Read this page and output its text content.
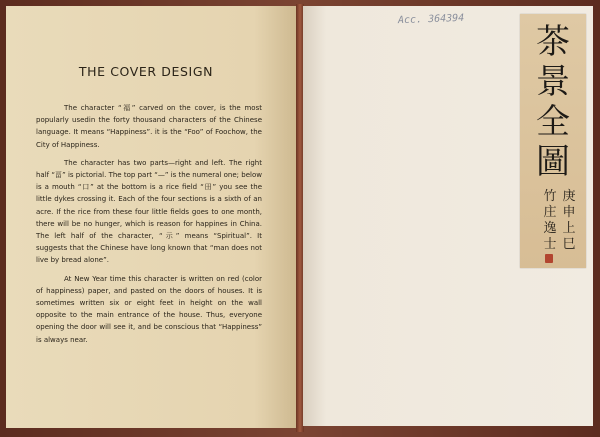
THE COVER DESIGN

The character “福” carved on the cover, is the most popularly usedin the forty thousand characters of the Chinese language. It means “Happiness”. it is the “Foo” of Foochow, the City of Happiness.

The character has two parts—right and left. The right half “畐” is pictorial. The top part “—” is the numeral one; below is a mouth “口” at the bottom is a rice field “田” you see the little dykes crossing it. Each of the four sections is a sixth of an acre. If the rice from these four little fields goes to one month, there will be no hunger, which is reason for happines in China. The left half of the character, “示” means “Spiritual”. It suggests that the Chinese have long known that “man does not live by bread alone”.

At New Year time this character is written on red (color of happiness) paper, and pasted on the doors of houses. It is sometimes written six or eight feet in height on the wall opposite to the main entrance of the house. Thus, everyone opening the door will see it, and be conscious that “Happiness” is always near.

Acc. 364394
茶景全圖
庚申上巳
竹庄逸士
